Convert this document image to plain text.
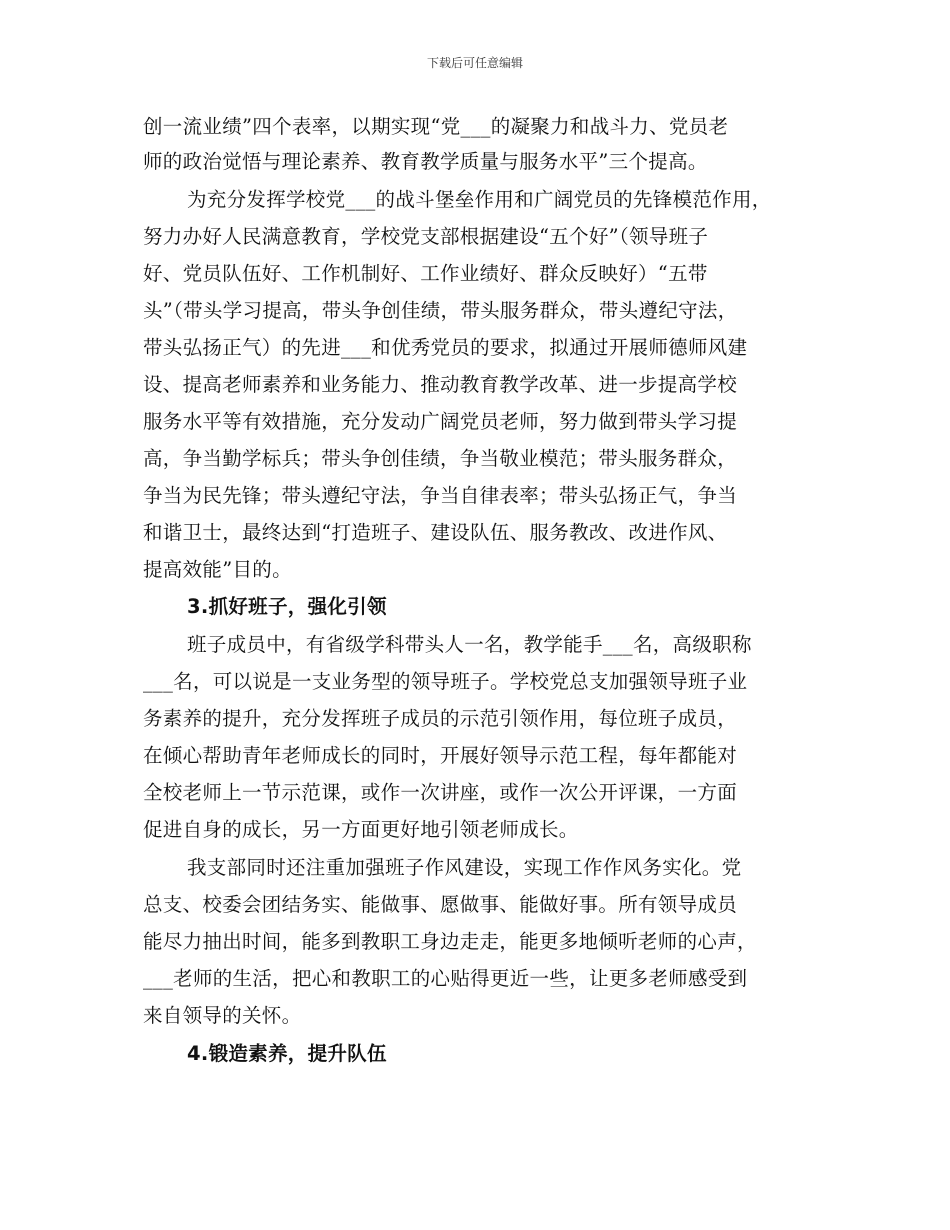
下载后可任意编辑
创一流业绩”四个表率，以期实现“党___的凝聚力和战斗力、党员老
师的政治觉悟与理论素养、教育教学质量与服务水平”三个提高。
为充分发挥学校党___的战斗堡垒作用和广阔党员的先锋模范作用，
努力办好人民满意教育，学校党支部根据建设“五个好”（领导班子
好、党员队伍好、工作机制好、工作业绩好、群众反映好）“五带
头”（带头学习提高，带头争创佳绩，带头服务群众，带头遵纪守法，
带头弘扬正气）的先进___和优秀党员的要求，拟通过开展师德师风建
设、提高老师素养和业务能力、推动教育教学改革、进一步提高学校
服务水平等有效措施，充分发动广阔党员老师，努力做到带头学习提
高，争当勤学标兵；带头争创佳绩，争当敬业模范；带头服务群众，
争当为民先锋；带头遵纪守法，争当自律表率；带头弘扬正气，争当
和谐卫士，最终达到“打造班子、建设队伍、服务教改、改进作风、
提高效能”目的。
3.抓好班子，强化引领
班子成员中，有省级学科带头人一名，教学能手___名，高级职称
___名，可以说是一支业务型的领导班子。学校党总支加强领导班子业
务素养的提升，充分发挥班子成员的示范引领作用，每位班子成员，
在倾心帮助青年老师成长的同时，开展好领导示范工程，每年都能对
全校老师上一节示范课，或作一次讲座，或作一次公开评课，一方面
促进自身的成长，另一方面更好地引领老师成长。
我支部同时还注重加强班子作风建设，实现工作作风务实化。党
总支、校委会团结务实、能做事、愿做事、能做好事。所有领导成员
能尽力抽出时间，能多到教职工身边走走，能更多地倾听老师的心声，
___老师的生活，把心和教职工的心贴得更近一些，让更多老师感受到
来自领导的关怀。
4.锻造素养，提升队伍
